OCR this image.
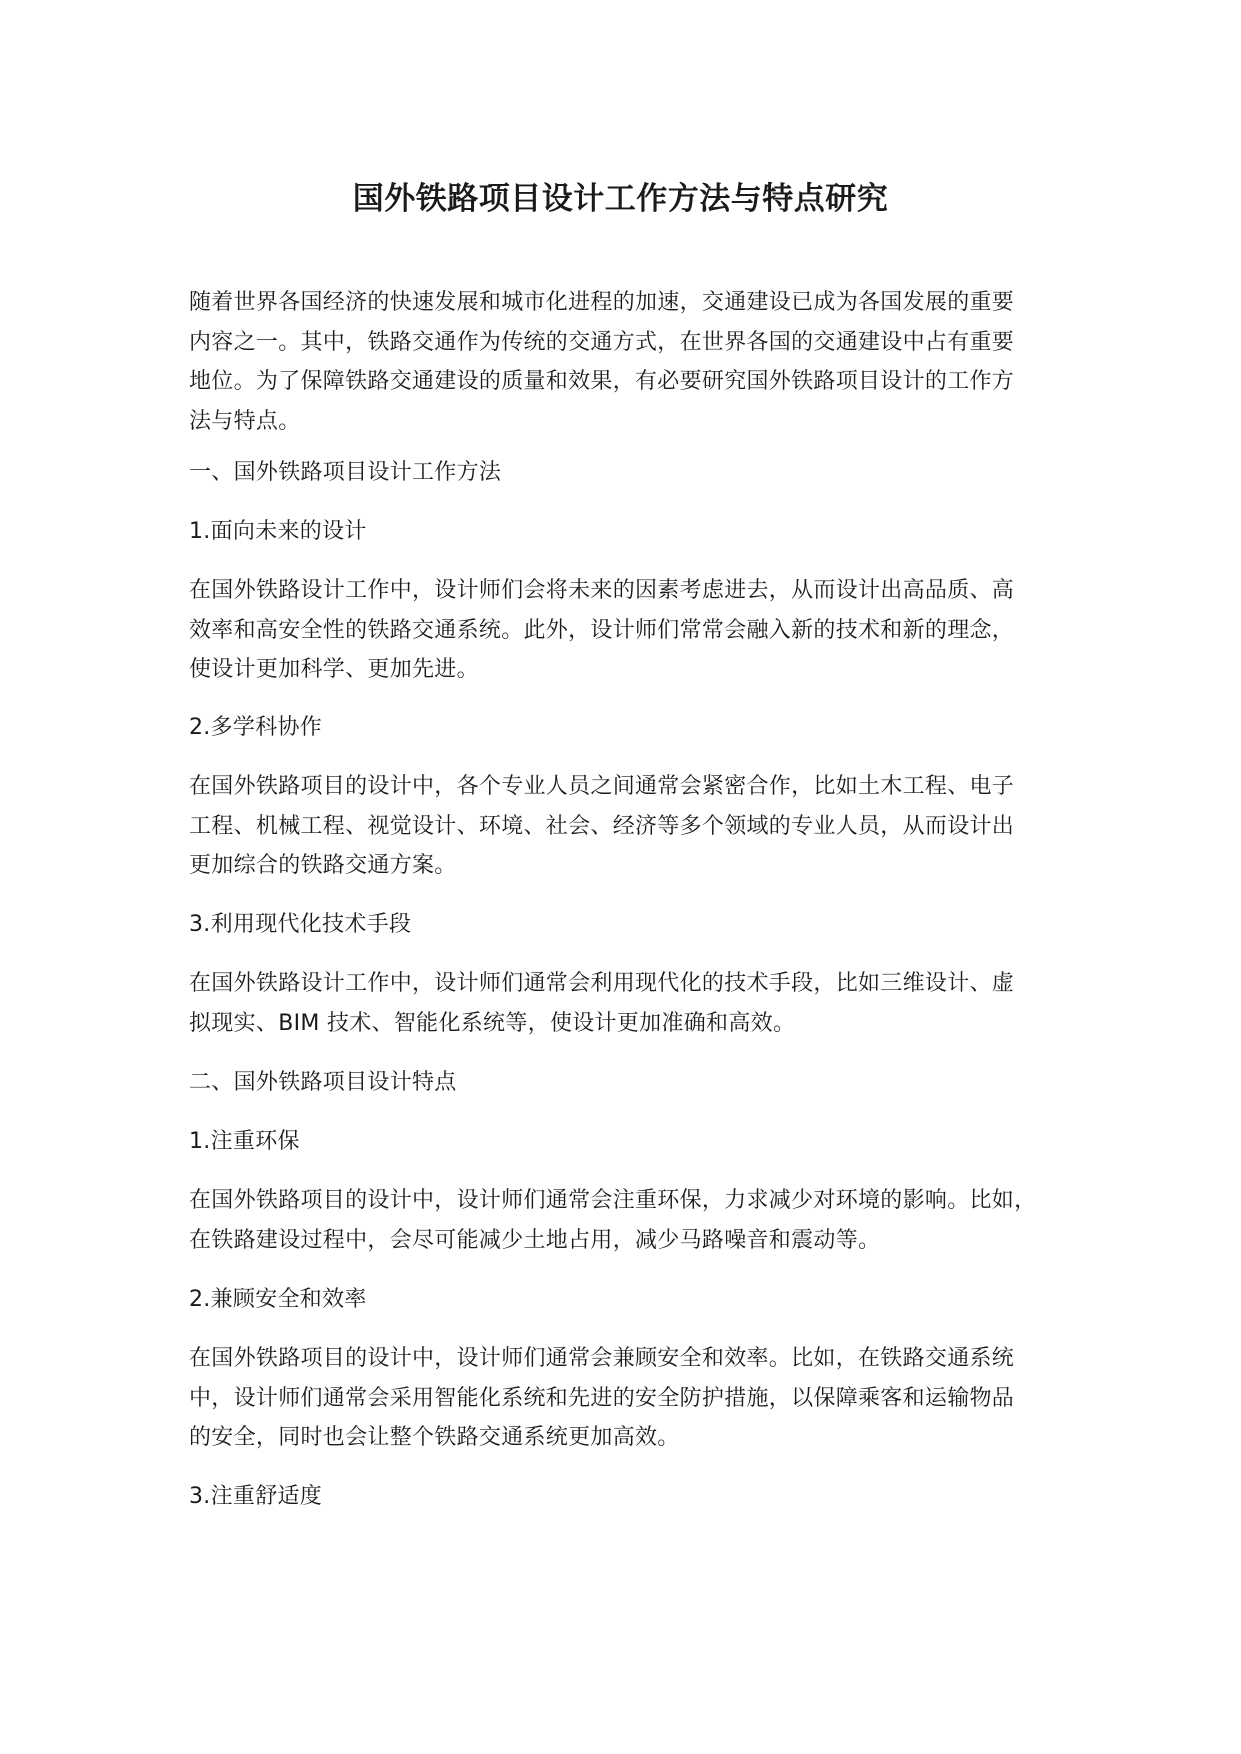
国外铁路项目设计工作方法与特点研究

随着世界各国经济的快速发展和城市化进程的加速，交通建设已成为各国发展的重要
内容之一。其中，铁路交通作为传统的交通方式，在世界各国的交通建设中占有重要
地位。为了保障铁路交通建设的质量和效果，有必要研究国外铁路项目设计的工作方
法与特点。

一、国外铁路项目设计工作方法

1.面向未来的设计

在国外铁路设计工作中，设计师们会将未来的因素考虑进去，从而设计出高品质、高
效率和高安全性的铁路交通系统。此外，设计师们常常会融入新的技术和新的理念，
使设计更加科学、更加先进。

2.多学科协作

在国外铁路项目的设计中，各个专业人员之间通常会紧密合作，比如土木工程、电子
工程、机械工程、视觉设计、环境、社会、经济等多个领域的专业人员，从而设计出
更加综合的铁路交通方案。

3.利用现代化技术手段

在国外铁路设计工作中，设计师们通常会利用现代化的技术手段，比如三维设计、虚
拟现实、BIM 技术、智能化系统等，使设计更加准确和高效。

二、国外铁路项目设计特点

1.注重环保

在国外铁路项目的设计中，设计师们通常会注重环保，力求减少对环境的影响。比如，
在铁路建设过程中，会尽可能减少土地占用，减少马路噪音和震动等。

2.兼顾安全和效率

在国外铁路项目的设计中，设计师们通常会兼顾安全和效率。比如，在铁路交通系统
中，设计师们通常会采用智能化系统和先进的安全防护措施，以保障乘客和运输物品
的安全，同时也会让整个铁路交通系统更加高效。

3.注重舒适度
